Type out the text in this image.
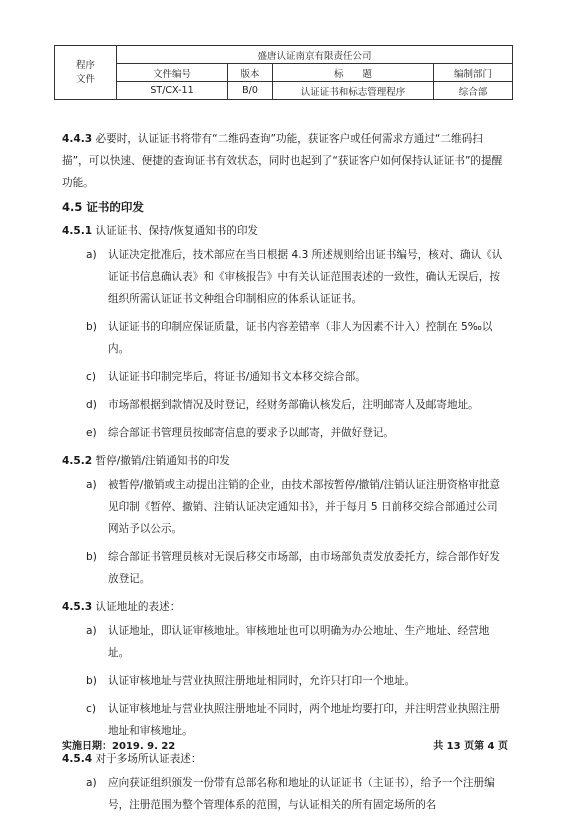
程序
文件	盛唐认证南京有限责任公司			
	文件编号	版本	标　　题	编制部门
	ST/CX-11	B/0	认证证书和标志管理程序	综合部

4.4.3 必要时，认证证书将带有“二维码查询”功能，获证客户或任何需求方通过“二维码扫描”，可以快速、便捷的查询证书有效状态，同时也起到了“获证客户如何保持认证证书”的提醒功能。

4.5 证书的印发

4.5.1 认证证书、保持/恢复通知书的印发

a) 认证决定批准后，技术部应在当日根据 4.3 所述规则给出证书编号，核对、确认《认证证书信息确认表》和《审核报告》中有关认证范围表述的一致性，确认无误后，按组织所需认证证书文种组合印制相应的体系认证证书。
b) 认证证书的印制应保证质量，证书内容差错率（非人为因素不计入）控制在 5‰以内。
c) 认证证书印制完毕后，将证书/通知书文本移交综合部。
d) 市场部根据到款情况及时登记，经财务部确认核发后，注明邮寄人及邮寄地址。
e) 综合部证书管理员按邮寄信息的要求予以邮寄，并做好登记。

4.5.2 暂停/撤销/注销通知书的印发

a) 被暂停/撤销或主动提出注销的企业，由技术部按暂停/撤销/注销认证注册资格审批意见印制《暂停、撤销、注销认证决定通知书》，并于每月 5 日前移交综合部通过公司网站予以公示。
b) 综合部证书管理员核对无误后移交市场部，由市场部负责发放委托方，综合部作好发放登记。

4.5.3 认证地址的表述：

a) 认证地址，即认证审核地址。审核地址也可以明确为办公地址、生产地址、经营地址。
b) 认证审核地址与营业执照注册地址相同时，允许只打印一个地址。
c) 认证审核地址与营业执照注册地址不同时，两个地址均要打印，并注明营业执照注册地址和审核地址。

4.5.4 对于多场所认证表述：

a) 应向获证组织颁发一份带有总部名称和地址的认证证书（主证书），给予一个注册编号，注册范围为整个管理体系的范围，与认证相关的所有固定场所的名
实施日期：2019. 9. 22	共 13 页第 4 页
